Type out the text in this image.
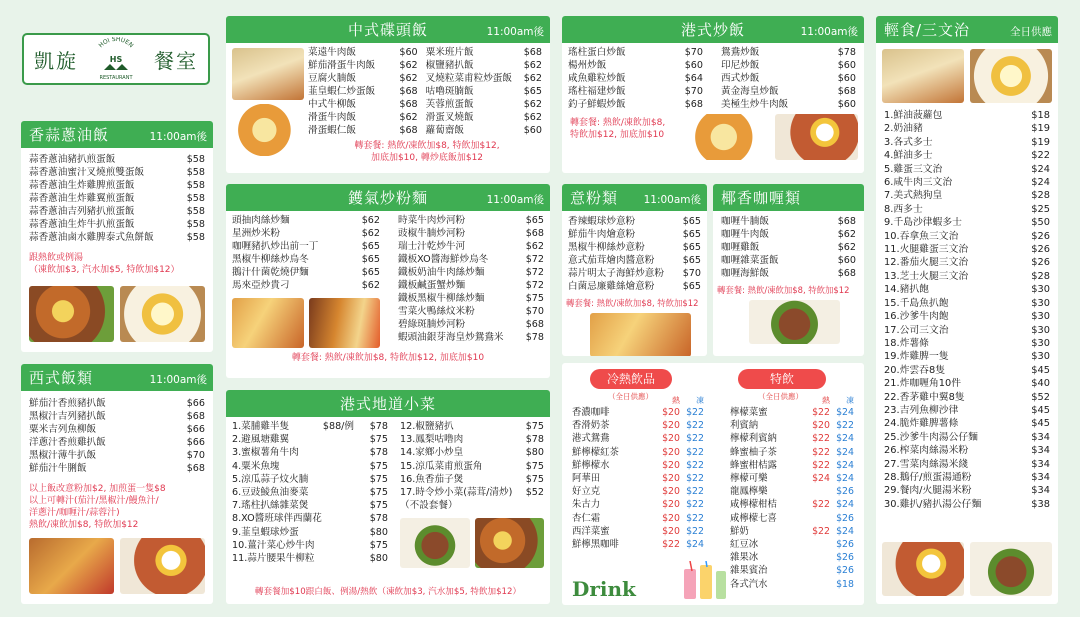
凱旋
HOI SHUEN
HS
RESTAURANT
餐室
香蒜蔥油飯	11:00am後
蒜香蔥油豬扒煎蛋飯	$58
蒜香蔥油蜜汁叉燒煎雙蛋飯	$58
蒜香蔥油生炸雞脾煎蛋飯	$58
蒜香蔥油生炸雞翼煎蛋飯	$58
蒜香蔥油吉列豬扒煎蛋飯	$58
蒜香蔥油生炸牛扒煎蛋飯	$58
蒜香蔥油鹵水雞脾泰式魚餅飯	$58
跟熱飲或例湯
（凍飲加$3, 汽水加$5, 特飲加$12）
西式飯類	11:00am後
鮮茄汁香煎豬扒飯	$66
黑椒汁吉列豬扒飯	$68
粟米吉列魚柳飯	$66
洋蔥汁香煎雞扒飯	$66
黑椒汁薄牛扒飯	$70
鮮茄汁牛脷飯	$68
以上飯改意粉加$2, 加煎蛋一隻$8
以上可轉汁(茄汁/黑椒汁/鰻魚汁/
洋蔥汁/咖喱汁/蒜蓉汁)
熱飲/凍飲加$8, 特飲加$12
中式碟頭飯	11:00am後
菜遠牛肉飯	$60
鮮茄滑蛋牛肉飯	$62
豆腐火腩飯	$62
韮皇蝦仁炒蛋飯	$68
中式牛柳飯	$68
滑蛋牛肉飯	$62
滑蛋蝦仁飯	$68
粟米班片飯	$68
椒鹽豬扒飯	$62
叉燒粒菜甫粒炒蛋飯	$62
咕嚕斑腩飯	$65
芙蓉煎蛋飯	$62
滑蛋叉燒飯	$62
蘿蔔齋飯	$60
轉套餐: 熱飲/凍飲加$8, 特飲加$12,
加底加$10, 轉炒底飯加$12
鑊氣炒粉麵	11:00am後
頭抽肉絲炒麵	$62
星洲炒米粉	$62
咖喱豬扒炒出前一丁	$65
黑椒牛柳絲炒烏冬	$65
鵝汁什菌乾燒伊麵	$65
馬來亞炒貴刁	$62
時菜牛肉炒河粉	$65
豉椒牛腩炒河粉	$68
瑞士汁乾炒牛河	$62
鐵板XO醬海鮮炒烏冬	$72
鐵板奶油牛肉絲炒麵	$72
鐵板鹹蛋蟹炒麵	$72
鐵板黑椒牛柳絲炒麵	$75
雪菜火鴨絲炆米粉	$70
碧綠斑腩炒河粉	$68
蝦頭油銀芽海皇炒鴛鴦米	$78
轉套餐: 熱飲/凍飲加$8, 特飲加$12, 加底加$10
港式地道小菜
1.菜脯雞半隻	$88/例	$78
2.避風塘雞翼	$75
3.蜜椒薯角牛肉	$78
4.粟米魚塊	$75
5.涼瓜蒜子炆火腩	$75
6.豆豉鯪魚油麥菜	$75
7.瑤柱扒絲雜菜煲	$75
8.XO醬班球伴西蘭花	$78
9.韮皇蝦球炒蛋	$80
10.薑汁菜心炒牛肉	$75
11.蒜片腰果牛柳粒	$80
12.椒鹽豬扒	$75
13.鳳梨咕噜肉	$78
14.家鄉小炒皇	$80
15.涼瓜菜甫煎蛋角	$75
16.魚香茄子煲	$75
17.時令炒小菜(蒜茸/清炒)	$52
（不設套餐）
轉套餐加$10跟白飯、例湯/熱飲（凍飲加$3, 汽水加$5, 特飲加$12）
港式炒飯	11:00am後
瑤柱蛋白炒飯	$70
楊州炒飯	$60
咸魚雞粒炒飯	$64
瑤柱福建炒飯	$70
釣子鮮蝦炒飯	$68
鴛鴦炒飯	$78
印尼炒飯	$60
西式炒飯	$60
黃金海皇炒飯	$68
美極生炒牛肉飯	$60
轉套餐: 熱飲/凍飲加$8,
特飲加$12, 加底加$10
意粉類	11:00am後
香辣蝦球炒意粉	$65
鮮茄牛肉燴意粉	$65
黑椒牛柳絲炒意粉	$65
意式茄茸燴肉醬意粉	$65
蒜片明太子海鮮炒意粉	$70
白菌忌廉雞絲燴意粉	$65
轉套餐: 熱飲/凍飲加$8, 特飲加$12
椰香咖喱類
咖喱牛腩飯	$68
咖喱牛肉飯	$62
咖喱雞飯	$62
咖喱雜菜蛋飯	$60
咖喱海鮮飯	$68
轉套餐: 熱飲/凍飲加$8, 特飲加$12
冷熱飲品	特飲
（全日供應）	（全日供應）
熱	凍
香濃咖啡	$20 $22
香滑奶茶	$20 $22
港式鴛鴦	$20 $22
鮮檸檬紅茶	$20 $22
鮮檸檬水	$20 $22
阿華田	$20 $22
好立克	$20 $22
朱古力	$20 $22
杏仁霜	$20 $22
西洋菜蜜	$20 $22
鮮檸黑咖啡	$22 $24
熱	凍
檸檬菜蜜	$22 $24
利賓納	$20 $22
檸檬利賓納	$22 $24
蜂蜜柚子茶	$22 $24
蜂蜜柑桔露	$22 $24
檸檬可樂	$24 $24
龍鳳檸樂	$26
咸檸檬柑桔	$22 $24
咸檸檬七喜	$26
鮮奶	$22 $24
紅豆冰	$26
雜果冰	$26
雜果賓治	$26
各式汽水	$18
Drink
輕食/三文治	全日供應
1.鮮油菠蘿包	$18
2.奶油豬	$19
3.各式多士	$19
4.鮮油多士	$22
5.雞蛋三文治	$24
6.咸牛肉三文治	$24
7.美式熱狗皇	$28
8.西多士	$25
9.千島沙律蝦多士	$50
10.吞拿魚三文治	$26
11.火腿雞蛋三文治	$26
12.番茄火腿三文治	$26
13.芝士火腿三文治	$28
14.豬扒飽	$30
15.千島魚扒飽	$30
16.沙爹牛肉飽	$30
17.公司三文治	$30
18.炸薯條	$30
19.炸雞脾一隻	$30
20.炸雲吞8隻	$45
21.炸咖喱角10件	$40
22.香茅雞中翼8隻	$52
23.吉列魚柳沙律	$45
24.脆炸雞脾薯條	$45
25.沙爹牛肉湯公仔麵	$34
26.榨菜肉絲湯米粉	$34
27.雪菜肉絲湯米綫	$34
28.鵝仔/煎蛋湯通粉	$34
29.餐肉/火腿湯米粉	$34
30.雞扒/豬扒湯公仔麵	$38
